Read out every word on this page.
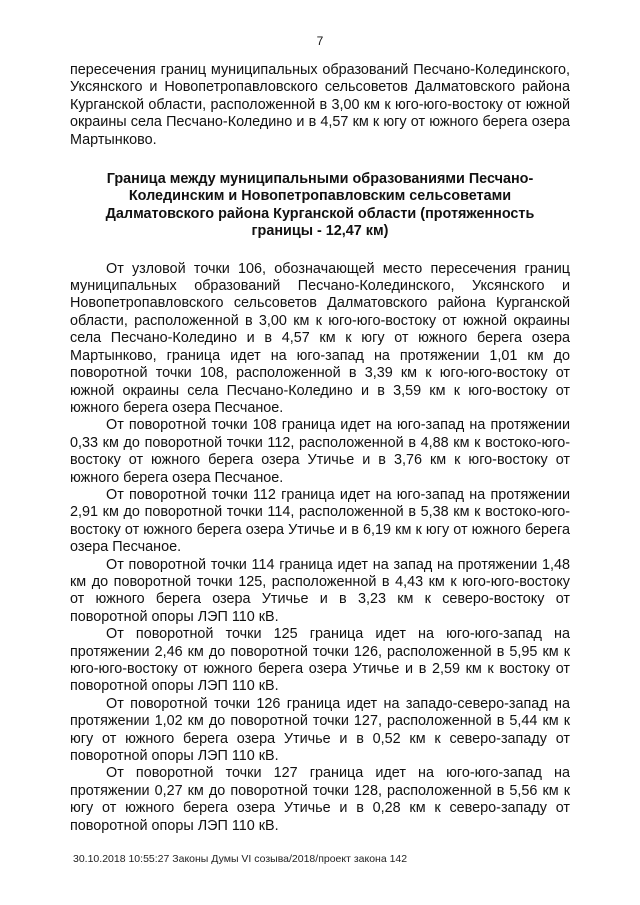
7

пересечения границ муниципальных образований Песчано-Колединского, Уксянского и Новопетропавловского сельсоветов Далматовского района Курганской области, расположенной в 3,00 км к юго-юго-востоку от южной окраины села Песчано-Коледино и в 4,57 км к югу от южного берега озера Мартынково.

Граница между муниципальными образованиями Песчано-Колединским и Новопетропавловским сельсоветами Далматовского района Курганской области (протяженность границы - 12,47 км)

От узловой точки 106, обозначающей место пересечения границ муниципальных образований Песчано-Колединского, Уксянского и Новопетропавловского сельсоветов Далматовского района Курганской области, расположенной в 3,00 км к юго-юго-востоку от южной окраины села Песчано-Коледино и в 4,57 км к югу от южного берега озера Мартынково, граница идет на юго-запад на протяжении 1,01 км до поворотной точки 108, расположенной в 3,39 км к юго-юго-востоку от южной окраины села Песчано-Коледино и в 3,59 км к юго-востоку от южного берега озера Песчаное.

От поворотной точки 108 граница идет на юго-запад на протяжении 0,33 км до поворотной точки 112, расположенной в 4,88 км к востоко-юго-востоку от южного берега озера Утичье и в 3,76 км к юго-востоку от южного берега озера Песчаное.

От поворотной точки 112 граница идет на юго-запад на протяжении 2,91 км до поворотной точки 114, расположенной в 5,38 км к востоко-юго-востоку от южного берега озера Утичье и в 6,19 км к югу от южного берега озера Песчаное.

От поворотной точки 114 граница идет на запад на протяжении 1,48 км до поворотной точки 125, расположенной в 4,43 км к юго-юго-востоку от южного берега озера Утичье и в 3,23 км к северо-востоку от поворотной опоры ЛЭП 110 кВ.

От поворотной точки 125 граница идет на юго-юго-запад на протяжении 2,46 км до поворотной точки 126, расположенной в 5,95 км к юго-юго-востоку от южного берега озера Утичье и в 2,59 км к востоку от поворотной опоры ЛЭП 110 кВ.

От поворотной точки 126 граница идет на западо-северо-запад на протяжении 1,02 км до поворотной точки 127, расположенной в 5,44 км к югу от южного берега озера Утичье и в 0,52 км к северо-западу от поворотной опоры ЛЭП 110 кВ.

От поворотной точки 127 граница идет на юго-юго-запад на протяжении 0,27 км до поворотной точки 128, расположенной в 5,56 км к югу от южного берега озера Утичье и в 0,28 км к северо-западу от поворотной опоры ЛЭП 110 кВ.

30.10.2018 10:55:27 Законы Думы VI созыва/2018/проект закона 142
